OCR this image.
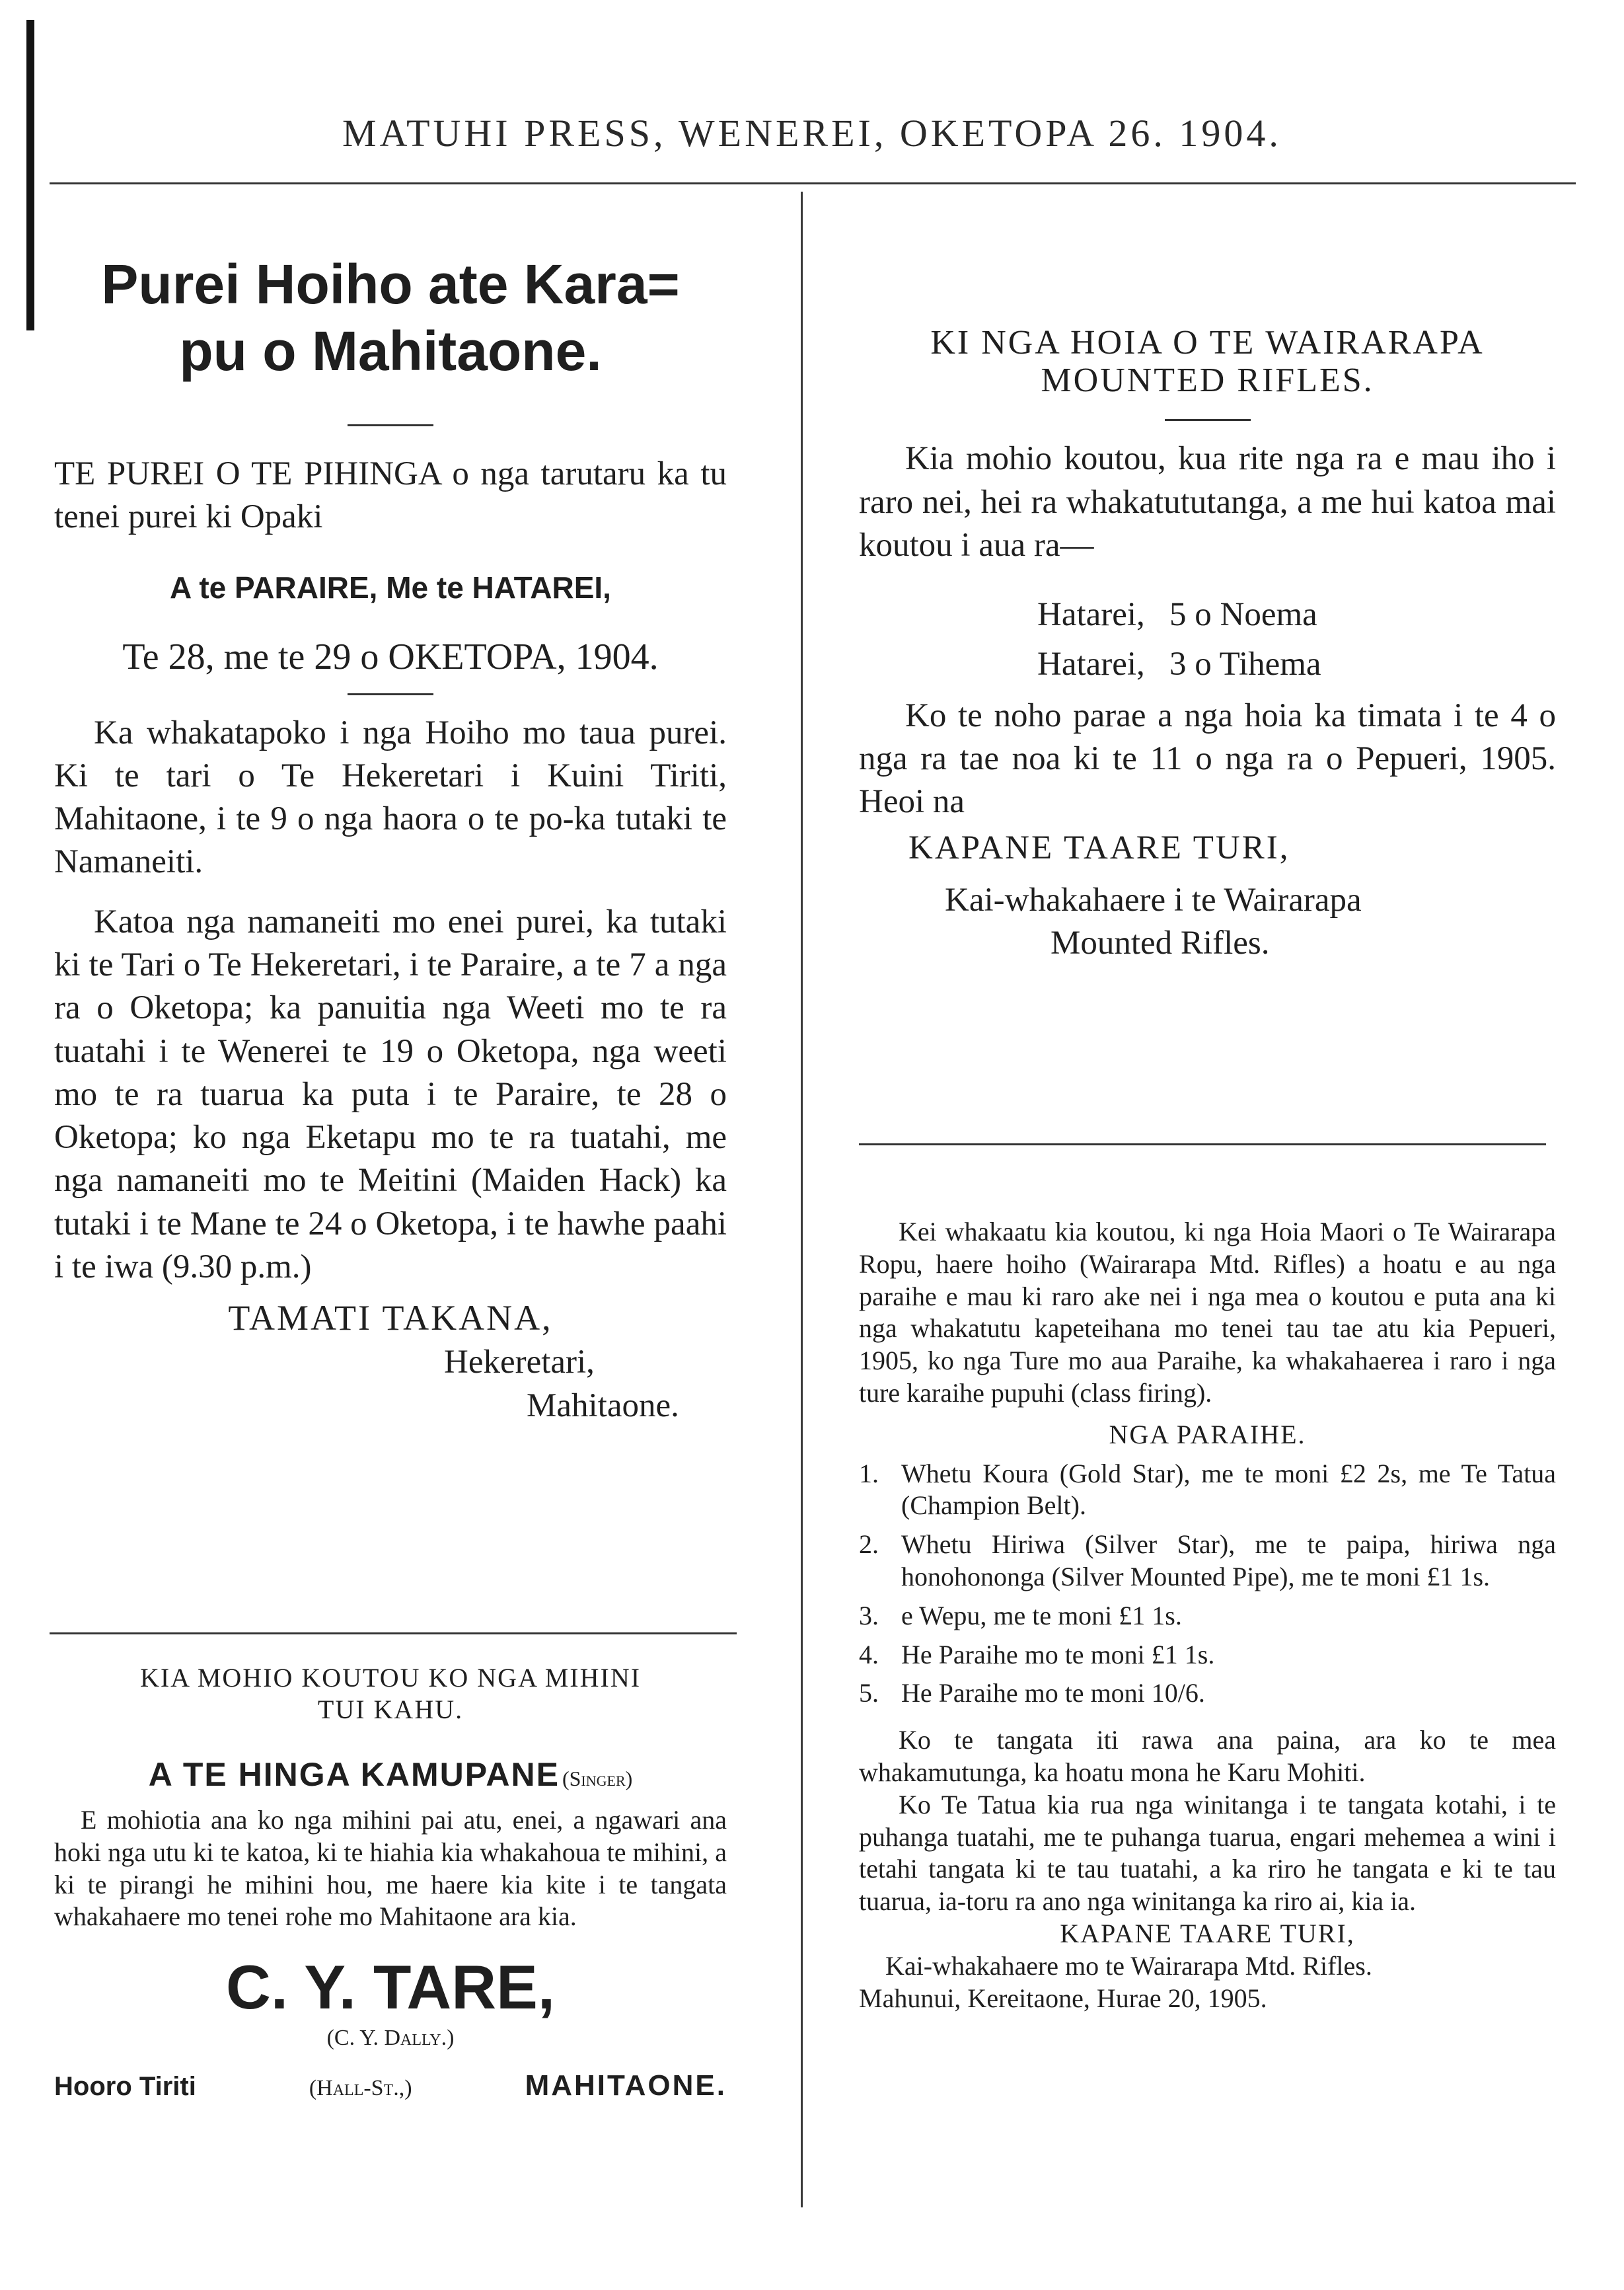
MATUHI PRESS, WENEREI, OKETOPA 26. 1904.
Purei Hoiho ate Kara=
pu o Mahitaone.

TE PUREI O TE PIHINGA o nga tarutaru ka tu tenei purei ki Opaki

A te PARAIRE, Me te HATAREI,

Te 28, me te 29 o OKETOPA, 1904.

Ka whakatapoko i nga Hoiho mo taua purei. Ki te tari o Te Hekeretari i Kuini Tiriti, Mahitaone, i te 9 o nga haora o te po-ka tutaki te Namaneiti.

Katoa nga namaneiti mo enei purei, ka tutaki ki te Tari o Te Hekeretari, i te Paraire, a te 7 a nga ra o Oketopa; ka panuitia nga Weeti mo te ra tuatahi i te Wenerei te 19 o Oketopa, nga weeti mo te ra tuarua ka puta i te Paraire, te 28 o Oketopa; ko nga Eketapu mo te ra tuatahi, me nga namaneiti mo te Meitini (Maiden Hack) ka tutaki i te Mane te 24 o Oketopa, i te hawhe paahi i te iwa (9.30 p.m.)

TAMATI TAKANA,

Hekeretari,

Mahitaone.

KIA MOHIO KOUTOU KO NGA MIHINI TUI KAHU.

A TE HINGA KAMUPANE (Singer)

E mohiotia ana ko nga mihini pai atu, enei, a ngawari ana hoki nga utu ki te katoa, ki te hiahia kia whakahoua te mihini, a ki te pirangi he mihini hou, me haere kia kite i te tangata whakahaere mo tenei rohe mo Mahitaone ara kia.

C. Y. TARE,

(C. Y. Dally.)

Hooro Tiriti	(Hall-St.,)	MAHITAONE.
KI NGA HOIA O TE WAIRARAPA
MOUNTED RIFLES.

Kia mohio koutou, kua rite nga ra e mau iho i raro nei, hei ra whakatututanga, a me hui katoa mai koutou i aua ra—

Hatarei, 5 o Noema
Hatarei, 3 o Tihema

Ko te noho parae a nga hoia ka timata i te 4 o nga ra tae noa ki te 11 o nga ra o Pepueri, 1905. Heoi na

KAPANE TAARE TURI,

Kai-whakahaere i te Wairarapa

Mounted Rifles.

Kei whakaatu kia koutou, ki nga Hoia Maori o Te Wairarapa Ropu, haere hoiho (Wairarapa Mtd. Rifles) a hoatu e au nga paraihe e mau ki raro ake nei i nga mea o koutou e puta ana ki nga whakatutu kapeteihana mo tenei tau tae atu kia Pepueri, 1905, ko nga Ture mo aua Paraihe, ka whakahaerea i raro i nga ture karaihe pupuhi (class firing).

NGA PARAIHE.

1. Whetu Koura (Gold Star), me te moni £2 2s, me Te Tatua (Champion Belt).
2. Whetu Hiriwa (Silver Star), me te paipa, hiriwa nga honohononga (Silver Mounted Pipe), me te moni £1 1s.
3. e Wepu, me te moni £1 1s.
4. He Paraihe mo te moni £1 1s.
5. He Paraihe mo te moni 10/6.

Ko te tangata iti rawa ana paina, ara ko te mea whakamutunga, ka hoatu mona he Karu Mohiti.

Ko Te Tatua kia rua nga winitanga i te tangata kotahi, i te puhanga tuatahi, me te puhanga tuarua, engari mehemea a wini i tetahi tangata ki te tau tuatahi, a ka riro he tangata e ki te tau tuarua, ia-toru ra ano nga winitanga ka riro ai, kia ia.

KAPANE TAARE TURI,

Kai-whakahaere mo te Wairarapa Mtd. Rifles.

Mahunui, Kereitaone, Hurae 20, 1905.
